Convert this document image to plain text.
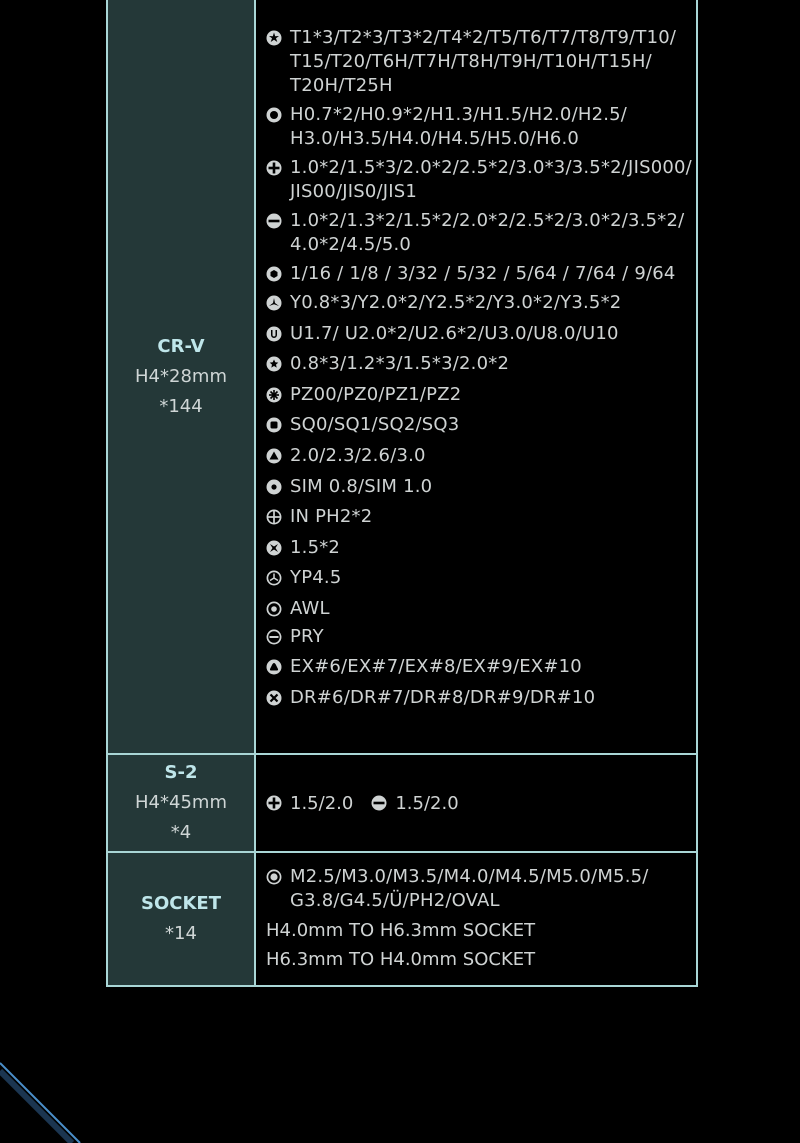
CR-V
H4*28mm
*144
T1*3/T2*3/T3*2/T4*2/T5/T6/T7/T8/T9/T10/ T15/T20/T6H/T7H/T8H/T9H/T10H/T15H/ T20H/T25H
H0.7*2/H0.9*2/H1.3/H1.5/H2.0/H2.5/ H3.0/H3.5/H4.0/H4.5/H5.0/H6.0
1.0*2/1.5*3/2.0*2/2.5*2/3.0*3/3.5*2/JIS000/ JIS00/JIS0/JIS1
1.0*2/1.3*2/1.5*2/2.0*2/2.5*2/3.0*2/3.5*2/ 4.0*2/4.5/5.0
1/16 / 1/8 / 3/32 / 5/32 / 5/64 / 7/64 / 9/64
Y0.8*3/Y2.0*2/Y2.5*2/Y3.0*2/Y3.5*2
U1.7/ U2.0*2/U2.6*2/U3.0/U8.0/U10
0.8*3/1.2*3/1.5*3/2.0*2
PZ00/PZ0/PZ1/PZ2
SQ0/SQ1/SQ2/SQ3
2.0/2.3/2.6/3.0
SIM 0.8/SIM 1.0
IN PH2*2
1.5*2
YP4.5
AWL
PRY
EX#6/EX#7/EX#8/EX#9/EX#10
DR#6/DR#7/DR#8/DR#9/DR#10
S-2
H4*45mm
*4
1.5/2.0 1.5/2.0
SOCKET
*14
M2.5/M3.0/M3.5/M4.0/M4.5/M5.0/M5.5/ G3.8/G4.5/Ü/PH2/OVAL
H4.0mm TO H6.3mm SOCKET
H6.3mm TO H4.0mm SOCKET
